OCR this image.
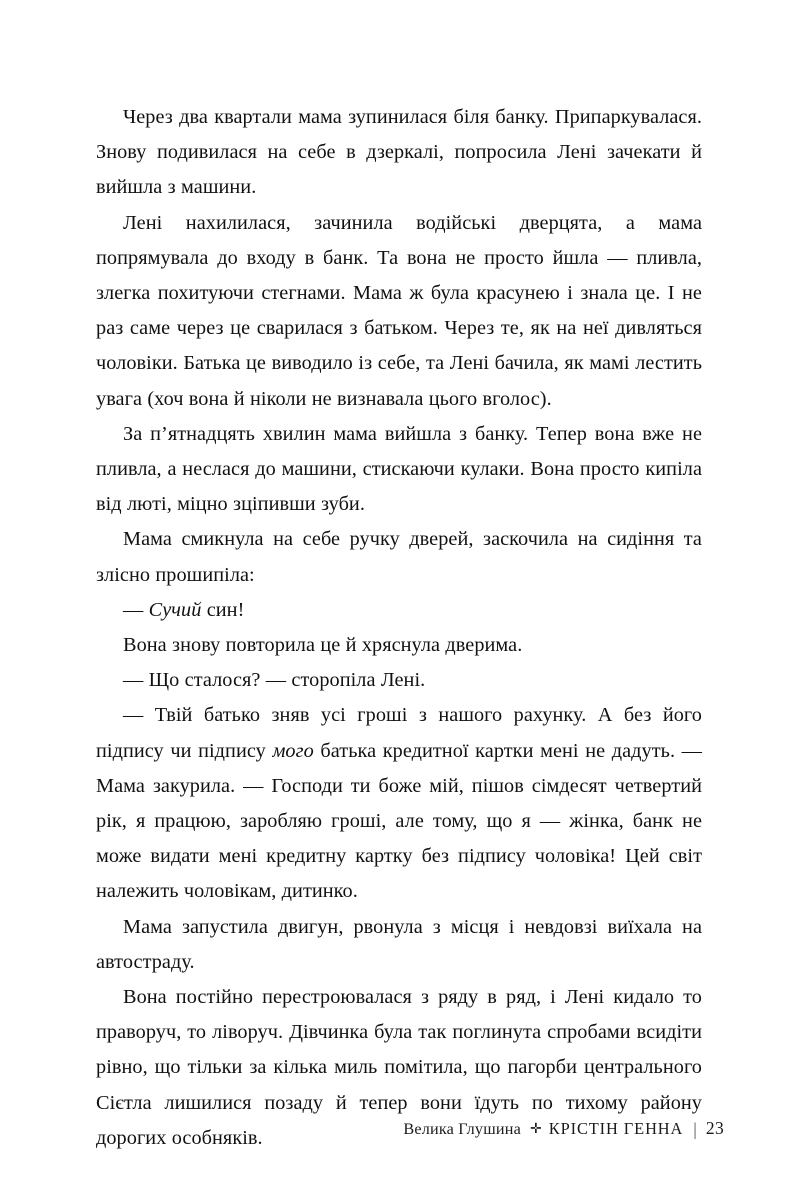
Через два квартали мама зупинилася біля банку. Припаркувалася. Знову подивилася на себе в дзеркалі, попросила Лені зачекати й вийшла з машини.

Лені нахилилася, зачинила водійські дверцята, а мама попрямувала до входу в банк. Та вона не просто йшла — пливла, злегка похитуючи стегнами. Мама ж була красунею і знала це. І не раз саме через це сварилася з батьком. Через те, як на неї дивляться чоловіки. Батька це виводило із себе, та Лені бачила, як мамі лестить увага (хоч вона й ніколи не визнавала цього вголос).

За п’ятнадцять хвилин мама вийшла з банку. Тепер вона вже не пливла, а неслася до машини, стискаючи кулаки. Вона просто кипіла від люті, міцно зціпивши зуби.

Мама смикнула на себе ручку дверей, заскочила на сидіння та злісно прошипіла:

— Сучий син!

Вона знову повторила це й хряснула дверима.

— Що сталося? — сторопіла Лені.

— Твій батько зняв усі гроші з нашого рахунку. А без його підпису чи підпису мого батька кредитної картки мені не дадуть. — Мама закурила. — Господи ти боже мій, пішов сімдесят четвертий рік, я працюю, заробляю гроші, але тому, що я — жінка, банк не може видати мені кредитну картку без підпису чоловіка! Цей світ належить чоловікам, дитинко.

Мама запустила двигун, рвонула з місця і невдовзі виїхала на автостраду.

Вона постійно перестроювалася з ряду в ряд, і Лені кидало то праворуч, то ліворуч. Дівчинка була так поглинута спробами всидіти рівно, що тільки за кілька миль помітила, що пагорби центрального Сієтла лишилися позаду й тепер вони їдуть по тихому району дорогих особняків.	Велика Глушина ✛ КРІСТІН ГЕННА | 23
